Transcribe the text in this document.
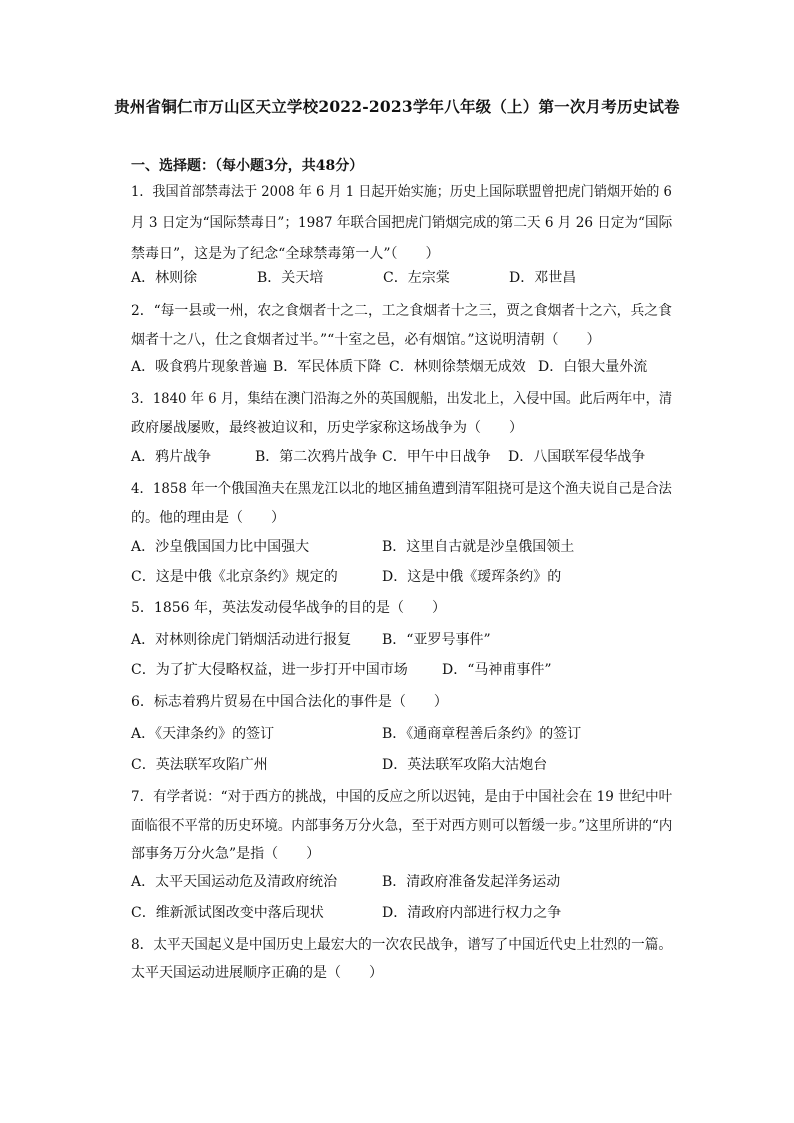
贵州省铜仁市万山区天立学校2022-2023学年八年级（上）第一次月考历史试卷
一、选择题：（每小题3分，共48分）
1．我国首部禁毒法于 2008 年 6 月 1 日起开始实施；历史上国际联盟曾把虎门销烟开始的 6
月 3 日定为“国际禁毒日”；1987 年联合国把虎门销烟完成的第二天 6 月 26 日定为“国际
禁毒日”，这是为了纪念“全球禁毒第一人”（　　）
A．林则徐	B．关天培	C．左宗棠	D．邓世昌
2．“每一县或一州，农之食烟者十之二，工之食烟者十之三，贾之食烟者十之六，兵之食
烟者十之八，仕之食烟者过半。”“十室之邑，必有烟馆。”这说明清朝（　　）
A．吸食鸦片现象普遍 B．军民体质下降 C．林则徐禁烟无成效 D．白银大量外流
3．1840 年 6 月，集结在澳门沿海之外的英国舰船，出发北上，入侵中国。此后两年中，清
政府屡战屡败，最终被迫议和，历史学家称这场战争为（　　）
A．鸦片战争	B．第二次鸦片战争 C．甲午中日战争 D．八国联军侵华战争
4．1858 年一个俄国渔夫在黑龙江以北的地区捕鱼遭到清军阻挠可是这个渔夫说自己是合法
的。他的理由是（　　）
A．沙皇俄国国力比中国强大	B．这里自古就是沙皇俄国领土
C．这是中俄《北京条约》规定的	D．这是中俄《瑷珲条约》的
5．1856 年，英法发动侵华战争的目的是（　　）
A．对林则徐虎门销烟活动进行报复 B．“亚罗号事件”
C．为了扩大侵略权益，进一步打开中国市场 D．“马神甫事件”
6．标志着鸦片贸易在中国合法化的事件是（　　）
A．《天津条约》的签订	B．《通商章程善后条约》的签订
C．英法联军攻陷广州	D．英法联军攻陷大沽炮台
7．有学者说：“对于西方的挑战，中国的反应之所以迟钝，是由于中国社会在 19 世纪中叶
面临很不平常的历史环境。内部事务万分火急，至于对西方则可以暂缓一步。”这里所讲的“内
部事务万分火急”是指（　　）
A．太平天国运动危及清政府统治	B．清政府准备发起洋务运动
C．维新派试图改变中落后现状	D．清政府内部进行权力之争
8．太平天国起义是中国历史上最宏大的一次农民战争，谱写了中国近代史上壮烈的一篇。
太平天国运动进展顺序正确的是（　　）
